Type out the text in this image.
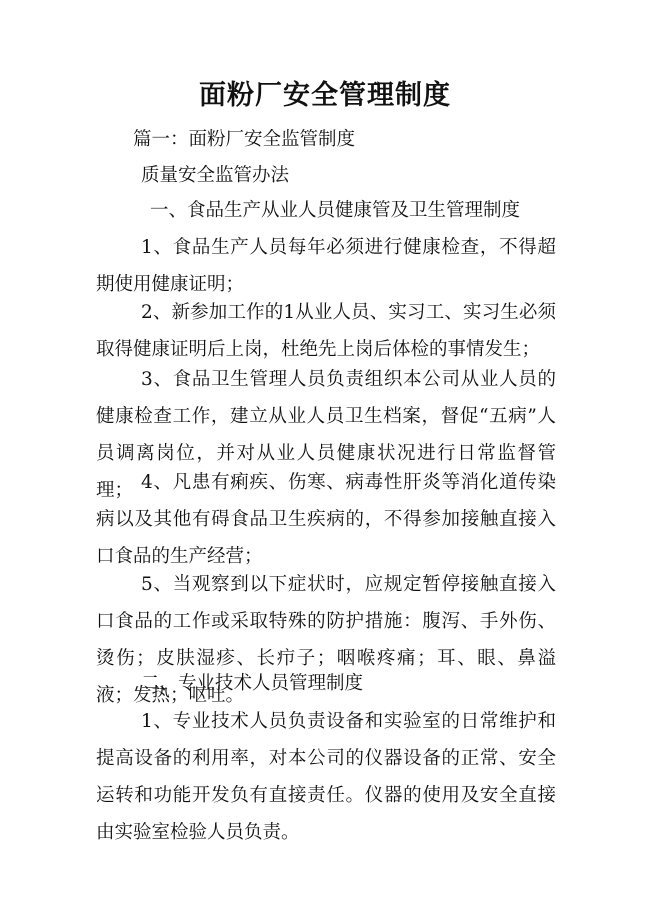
面粉厂安全管理制度
篇一：面粉厂安全监管制度
质量安全监管办法
一、食品生产从业人员健康管及卫生管理制度

1、食品生产人员每年必须进行健康检查，不得超期使用健康证明；

2、新参加工作的1从业人员、实习工、实习生必须取得健康证明后上岗，杜绝先上岗后体检的事情发生；

3、食品卫生管理人员负责组织本公司从业人员的健康检查工作，建立从业人员卫生档案，督促“五病”人员调离岗位，并对从业人员健康状况进行日常监督管理； 4、凡患有痢疾、伤寒、病毒性肝炎等消化道传染病以及其他有碍食品卫生疾病的，不得参加接触直接入口食品的生产经营；

5、当观察到以下症状时，应规定暂停接触直接入口食品的工作或采取特殊的防护措施：腹泻、手外伤、烫伤；皮肤湿疹、长疖子；咽喉疼痛；耳、眼、鼻溢液；发热；呕吐。

二、专业技术人员管理制度

1、专业技术人员负责设备和实验室的日常维护和提高设备的利用率，对本公司的仪器设备的正常、安全运转和功能开发负有直接责任。仪器的使用及安全直接由实验室检验人员负责。
